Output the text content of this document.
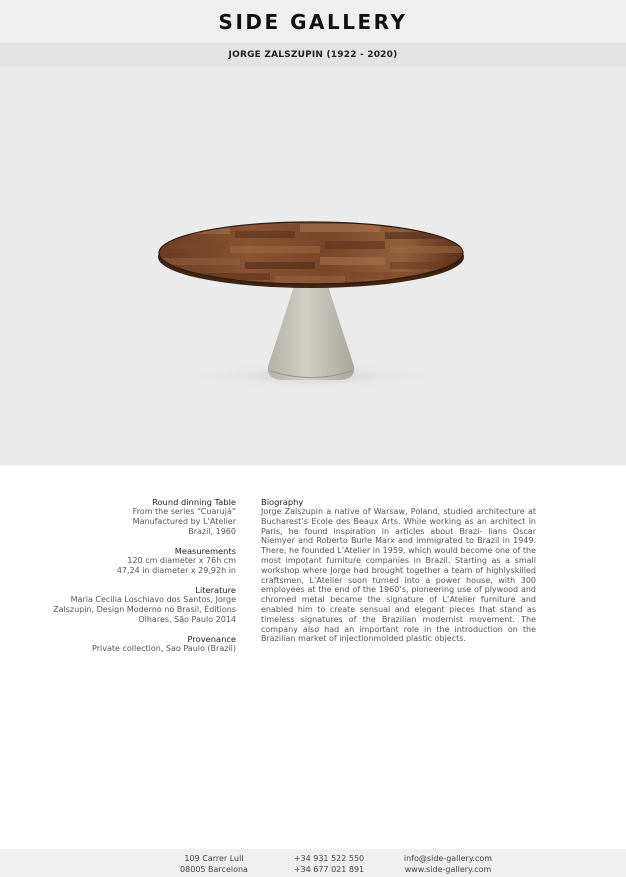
SIDE GALLERY
JORGE ZALSZUPIN (1922 - 2020)
Round dinning Table
From the series “Cuarujá”
Manufactured by L’Atelier
Brazil, 1960
Measurements
120 cm diameter x 76h cm
47,24 in diameter x 29,92h in
Literature
Maria Cecilia Loschiavo dos Santos, Jorge
Zalszupin, Design Moderno no Brasil, Éditions
Olhares, São Paulo 2014
Provenance
Private collection, Sao Paulo (Brazil)
Biography
Jorge Zalszupin a native of Warsaw, Poland, studied architecture at Bucharest’s Ecole des Beaux Arts. While working as an architect in Paris, he found inspiration in articles about Brazi- lians Oscar Niemyer and Roberto Burle Marx and immigrated to Brazil in 1949. There, he founded L’Atelier in 1959, which would become one of the most impotant furniture companies in Brazil. Starting as a small workshop where Jorge had brought together a team of highlyskilled craftsmen, L’Atelier soon turned into a power house, with 300 employees at the end of the 1960’s, pioneering use of plywood and chromed metal became the signature of L’Atelier furniture and enabled him to create sensual and elegant pieces that stand as timeless signatures of the Brazilian modernist movement. The company also had an important role in the introduction on the Brazilian market of injectionmolded plastic objects.
109 Carrer Lull
08005 Barcelona
+34 931 522 550
+34 677 021 891
info@side-gallery.com
www.side-gallery.com
